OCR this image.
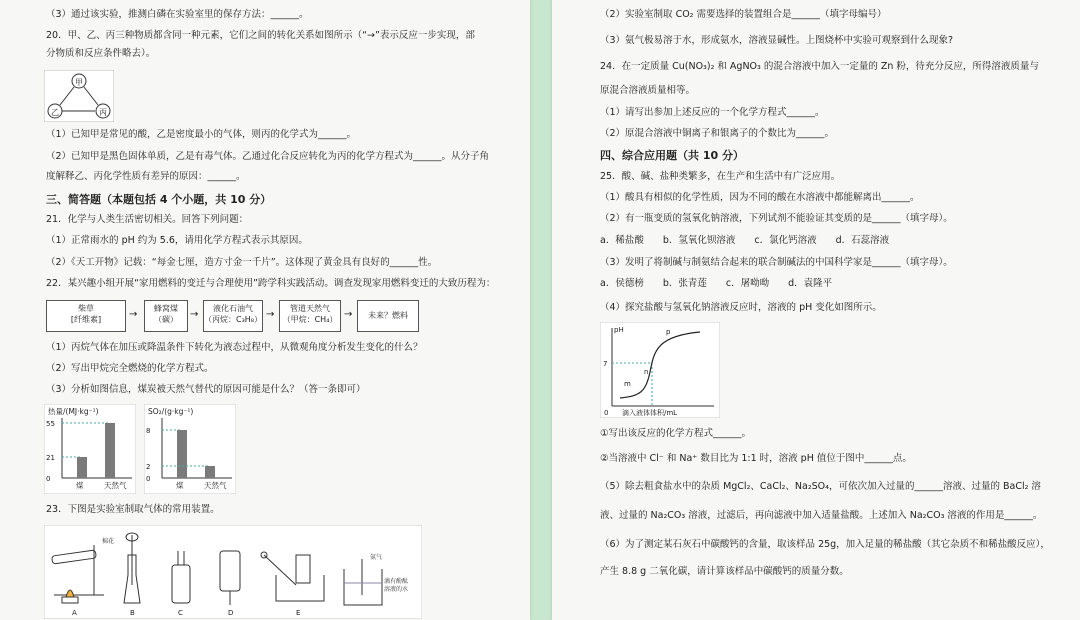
（3）通过该实验，推测白磷在实验室里的保存方法：______。
20．甲、乙、丙三种物质都含同一种元素，它们之间的转化关系如图所示（“→”表示反应一步实现，部
分物质和反应条件略去）。
甲
乙	丙
（1）已知甲是常见的酸，乙是密度最小的气体，则丙的化学式为______。
（2）已知甲是黑色固体单质，乙是有毒气体。乙通过化合反应转化为丙的化学方程式为______。从分子角
度解释乙、丙化学性质有差异的原因：______。
三、简答题（本题包括 4 个小题，共 10 分）
21．化学与人类生活密切相关。回答下列问题：
（1）正常雨水的 pH 约为 5.6，请用化学方程式表示其原因。
（2）《天工开物》记载：“每金七厘，造方寸金一千片”。这体现了黄金具有良好的______性。
22．某兴趣小组开展“家用燃料的变迁与合理使用”跨学科实践活动。调查发现家用燃料变迁的大致历程为：
柴草
[纤维素]	→
蜂窝煤
（碳）	→
液化石油气
（丙烷：C₃H₈） →
管道天然气
（甲烷：CH₄） →	未来？燃料
（1）丙烷气体在加压或降温条件下转化为液态过程中，从微观角度分析发生变化的什么？
（2）写出甲烷完全燃烧的化学方程式。
（3）分析如图信息，煤炭被天然气替代的原因可能是什么？（答一条即可）
热量/(MJ·kg⁻¹)
煤	天然气
55
21
0
SO₂/(g·kg⁻¹)
煤	天然气
8
2
0
23．下图是实验室制取气体的常用装置。
棉花
氨气
滴有酚酞
溶液的水
A	B	C	D	E
（2）实验室制取 CO₂ 需要选择的装置组合是______（填字母编号）
（3）氨气极易溶于水，形成氨水，溶液显碱性。上图烧杯中实验可观察到什么现象?
24．在一定质量 Cu(NO₃)₂ 和 AgNO₃ 的混合溶液中加入一定量的 Zn 粉，待充分反应，所得溶液质量与
原混合溶液质量相等。
（1）请写出参加上述反应的一个化学方程式______。
（2）原混合溶液中铜离子和银离子的个数比为______。
四、综合应用题（共 10 分）
25．酸、碱、盐种类繁多，在生产和生活中有广泛应用。
（1）酸具有相似的化学性质，因为不同的酸在水溶液中都能解离出______。
（2）有一瓶变质的氢氧化钠溶液，下列试剂不能验证其变质的是______（填字母）。
a．稀盐酸　　b．氢氧化钡溶液　　c．氯化钙溶液　　d．石蕊溶液
（3）发明了将制碱与制氨结合起来的联合制碱法的中国科学家是______（填字母）。
a．侯德榜　　b．张青莲　　c．屠呦呦　　d．袁隆平
（4）探究盐酸与氢氧化钠溶液反应时，溶液的 pH 变化如图所示。
pH
7
0 滴入液体体积/mL
m
n
p
①写出该反应的化学方程式______。
②当溶液中 Cl⁻ 和 Na⁺ 数目比为 1:1 时，溶液 pH 值位于图中______点。
（5）除去粗食盐水中的杂质 MgCl₂、CaCl₂、Na₂SO₄，可依次加入过量的______溶液、过量的 BaCl₂ 溶
液、过量的 Na₂CO₃ 溶液，过滤后，再向滤液中加入适量盐酸。上述加入 Na₂CO₃ 溶液的作用是______。
（6）为了测定某石灰石中碳酸钙的含量，取该样品 25g，加入足量的稀盐酸（其它杂质不和稀盐酸反应），
产生 8.8 g 二氧化碳，请计算该样品中碳酸钙的质量分数。
